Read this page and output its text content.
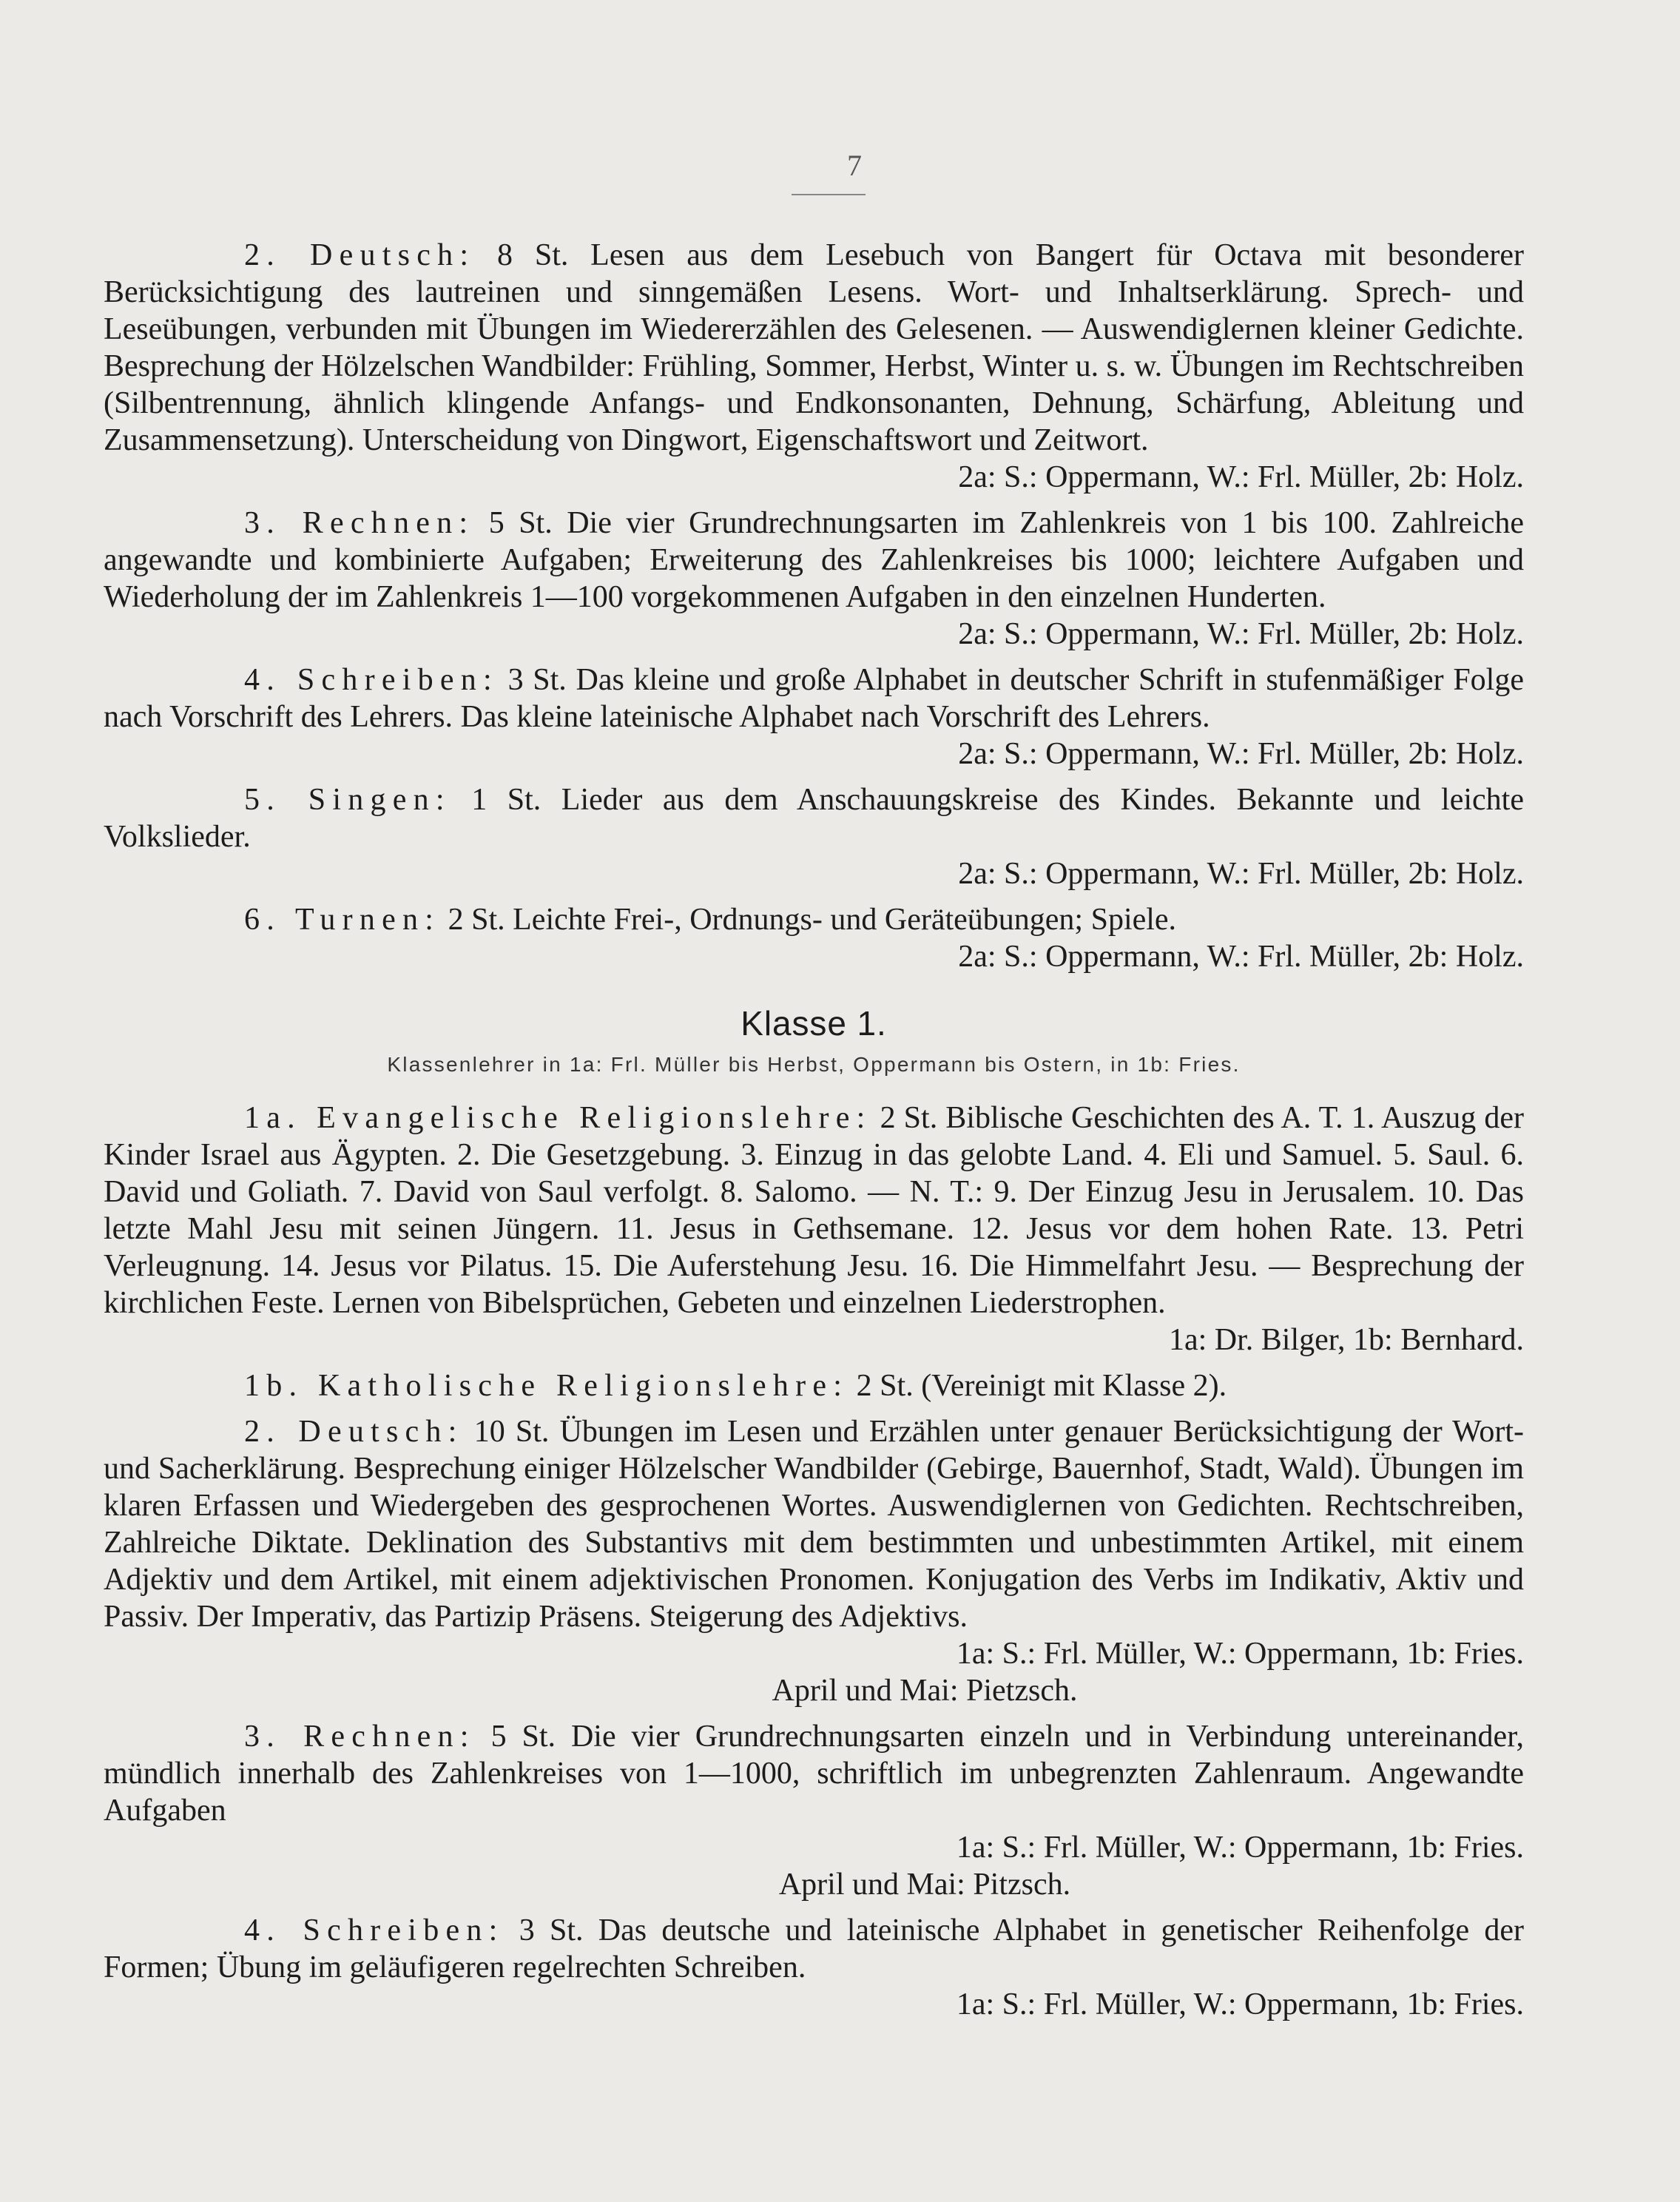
7

2. Deutsch: 8 St. Lesen aus dem Lesebuch von Bangert für Octava mit besonderer Berücksichtigung des lautreinen und sinngemäßen Lesens. Wort- und Inhaltserklärung. Sprech- und Leseübungen, verbunden mit Übungen im Wiedererzählen des Gelesenen. — Auswendiglernen kleiner Gedichte. Besprechung der Hölzelschen Wandbilder: Frühling, Sommer, Herbst, Winter u. s. w. Übungen im Rechtschreiben (Silbentrennung, ähnlich klingende Anfangs- und Endkonsonanten, Dehnung, Schärfung, Ableitung und Zusammensetzung). Unterscheidung von Dingwort, Eigenschaftswort und Zeitwort.

2a: S.: Oppermann, W.: Frl. Müller, 2b: Holz.

3. Rechnen: 5 St. Die vier Grundrechnungsarten im Zahlenkreis von 1 bis 100. Zahlreiche angewandte und kombinierte Aufgaben; Erweiterung des Zahlenkreises bis 1000; leichtere Aufgaben und Wiederholung der im Zahlenkreis 1—100 vorgekommenen Aufgaben in den einzelnen Hunderten.

2a: S.: Oppermann, W.: Frl. Müller, 2b: Holz.

4. Schreiben: 3 St. Das kleine und große Alphabet in deutscher Schrift in stufenmäßiger Folge nach Vorschrift des Lehrers. Das kleine lateinische Alphabet nach Vorschrift des Lehrers.

2a: S.: Oppermann, W.: Frl. Müller, 2b: Holz.

5. Singen: 1 St. Lieder aus dem Anschauungskreise des Kindes. Bekannte und leichte Volkslieder.

2a: S.: Oppermann, W.: Frl. Müller, 2b: Holz.

6. Turnen: 2 St. Leichte Frei-, Ordnungs- und Geräteübungen; Spiele.

2a: S.: Oppermann, W.: Frl. Müller, 2b: Holz.

Klasse 1.
Klassenlehrer in 1a: Frl. Müller bis Herbst, Oppermann bis Ostern, in 1b: Fries.

1a. Evangelische Religionslehre: 2 St. Biblische Geschichten des A. T. 1. Auszug der Kinder Israel aus Ägypten. 2. Die Gesetzgebung. 3. Einzug in das gelobte Land. 4. Eli und Samuel. 5. Saul. 6. David und Goliath. 7. David von Saul verfolgt. 8. Salomo. — N. T.: 9. Der Einzug Jesu in Jerusalem. 10. Das letzte Mahl Jesu mit seinen Jüngern. 11. Jesus in Gethsemane. 12. Jesus vor dem hohen Rate. 13. Petri Verleugnung. 14. Jesus vor Pilatus. 15. Die Auferstehung Jesu. 16. Die Himmelfahrt Jesu. — Besprechung der kirchlichen Feste. Lernen von Bibelsprüchen, Gebeten und einzelnen Liederstrophen.

1a: Dr. Bilger, 1b: Bernhard.

1b. Katholische Religionslehre: 2 St. (Vereinigt mit Klasse 2).

2. Deutsch: 10 St. Übungen im Lesen und Erzählen unter genauer Berücksichtigung der Wort- und Sacherklärung. Besprechung einiger Hölzelscher Wandbilder (Gebirge, Bauernhof, Stadt, Wald). Übungen im klaren Erfassen und Wiedergeben des gesprochenen Wortes. Auswendiglernen von Gedichten. Rechtschreiben, Zahlreiche Diktate. Deklination des Substantivs mit dem bestimmten und unbestimmten Artikel, mit einem Adjektiv und dem Artikel, mit einem adjektivischen Pronomen. Konjugation des Verbs im Indikativ, Aktiv und Passiv. Der Imperativ, das Partizip Präsens. Steigerung des Adjektivs.

1a: S.: Frl. Müller, W.: Oppermann, 1b: Fries.

April und Mai: Pietzsch.

3. Rechnen: 5 St. Die vier Grundrechnungsarten einzeln und in Verbindung untereinander, mündlich innerhalb des Zahlenkreises von 1—1000, schriftlich im unbegrenzten Zahlenraum. Angewandte Aufgaben

1a: S.: Frl. Müller, W.: Oppermann, 1b: Fries.

April und Mai: Pitzsch.

4. Schreiben: 3 St. Das deutsche und lateinische Alphabet in genetischer Reihenfolge der Formen; Übung im geläufigeren regelrechten Schreiben.

1a: S.: Frl. Müller, W.: Oppermann, 1b: Fries.
